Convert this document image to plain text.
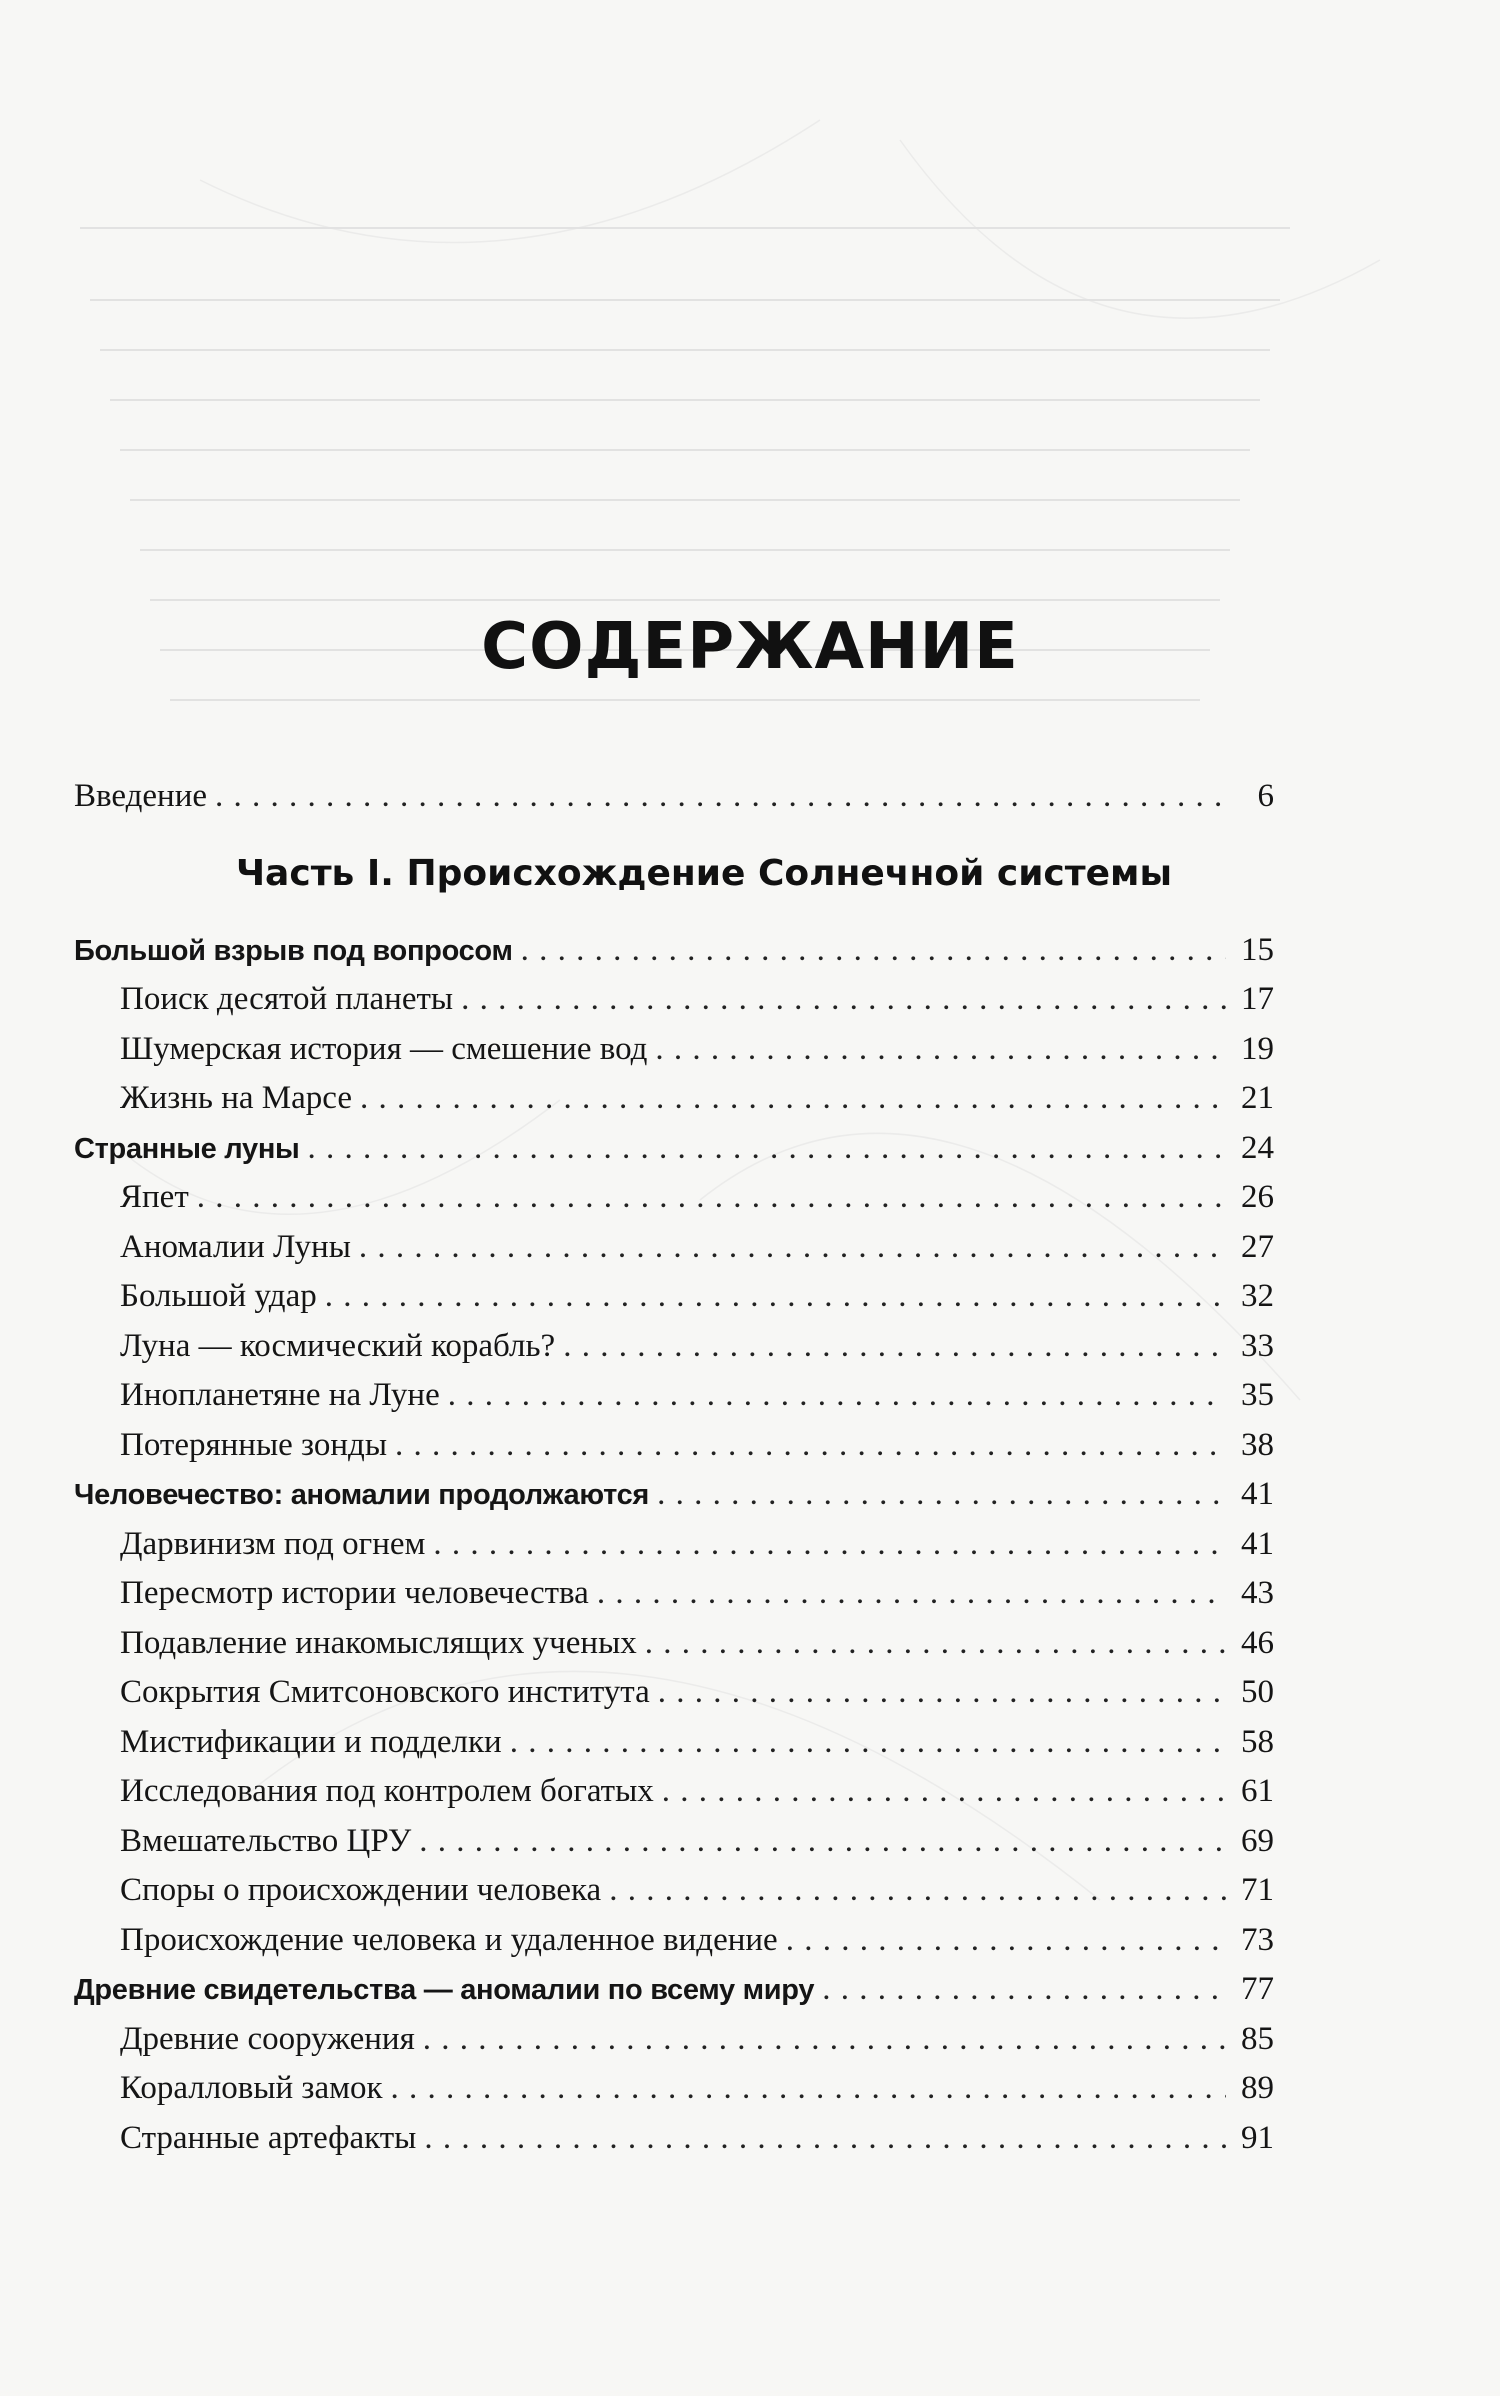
СОДЕРЖАНИЕ
Введение . . .	6
Часть I. Происхождение Солнечной системы
Большой взрыв под вопросом . . .	15
Поиск десятой планеты . . .	17
Шумерская история — смешение вод . . .	19
Жизнь на Марсе . . .	21
Странные луны . . .	24
Япет . . .	26
Аномалии Луны . . .	27
Большой удар . . .	32
Луна — космический корабль? . . .	33
Инопланетяне на Луне . . .	35
Потерянные зонды . . .	38
Человечество: аномалии продолжаются . . .	41
Дарвинизм под огнем . . .	41
Пересмотр истории человечества . . .	43
Подавление инакомыслящих ученых . . .	46
Сокрытия Смитсоновского института . . .	50
Мистификации и подделки . . .	58
Исследования под контролем богатых . . .	61
Вмешательство ЦРУ . . .	69
Споры о происхождении человека . . .	71
Происхождение человека и удаленное видение . . .	73
Древние свидетельства — аномалии по всему миру . . .	77
Древние сооружения . . .	85
Коралловый замок . . .	89
Странные артефакты . . .	91
